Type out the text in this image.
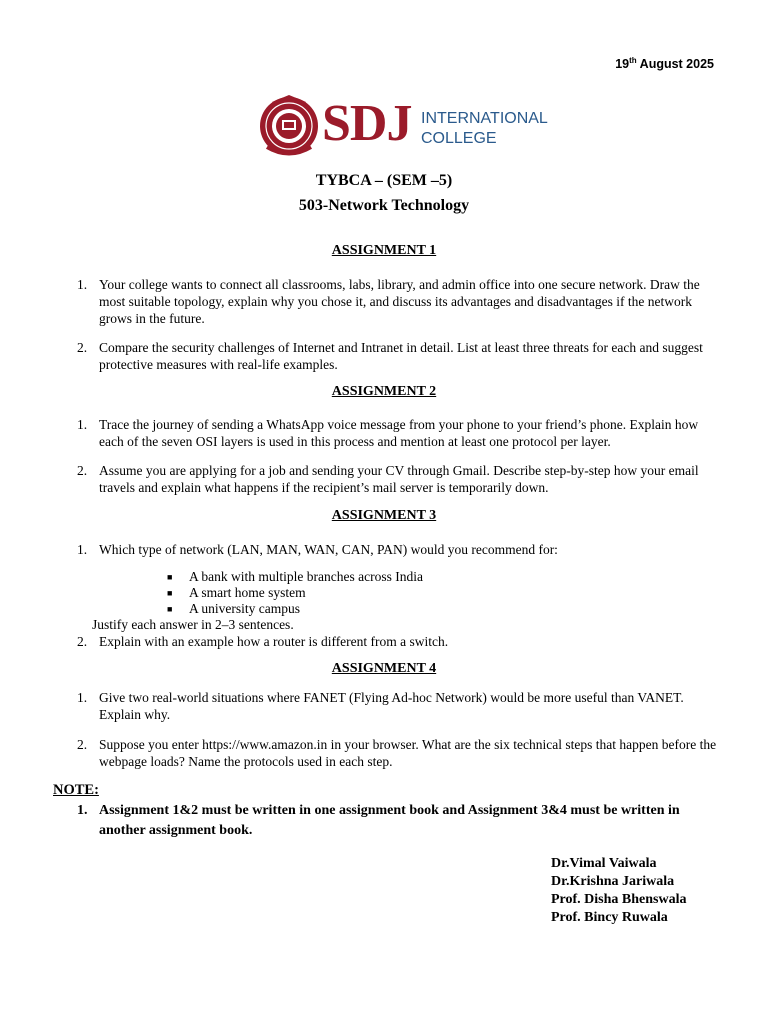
19th August 2025
SDJ INTERNATIONAL
COLLEGE
TYBCA – (SEM –5)
503-Network Technology
ASSIGNMENT 1
1. Your college wants to connect all classrooms, labs, library, and admin office into one secure network. Draw the most suitable topology, explain why you chose it, and discuss its advantages and disadvantages if the network grows in the future.
2. Compare the security challenges of Internet and Intranet in detail. List at least three threats for each and suggest protective measures with real-life examples.
ASSIGNMENT 2
1. Trace the journey of sending a WhatsApp voice message from your phone to your friend’s phone. Explain how each of the seven OSI layers is used in this process and mention at least one protocol per layer.
2. Assume you are applying for a job and sending your CV through Gmail. Describe step-by-step how your email travels and explain what happens if the recipient’s mail server is temporarily down.
ASSIGNMENT 3
1. Which type of network (LAN, MAN, WAN, CAN, PAN) would you recommend for:
■ A bank with multiple branches across India
■ A smart home system
■ A university campus
Justify each answer in 2–3 sentences.
2. Explain with an example how a router is different from a switch.
ASSIGNMENT 4
1. Give two real-world situations where FANET (Flying Ad-hoc Network) would be more useful than VANET. Explain why.
2. Suppose you enter https://www.amazon.in in your browser. What are the six technical steps that happen before the webpage loads? Name the protocols used in each step.
NOTE:
1. Assignment 1&2 must be written in one assignment book and Assignment 3&4 must be written in another assignment book.
Dr.Vimal Vaiwala
Dr.Krishna Jariwala
Prof. Disha Bhenswala
Prof. Bincy Ruwala
